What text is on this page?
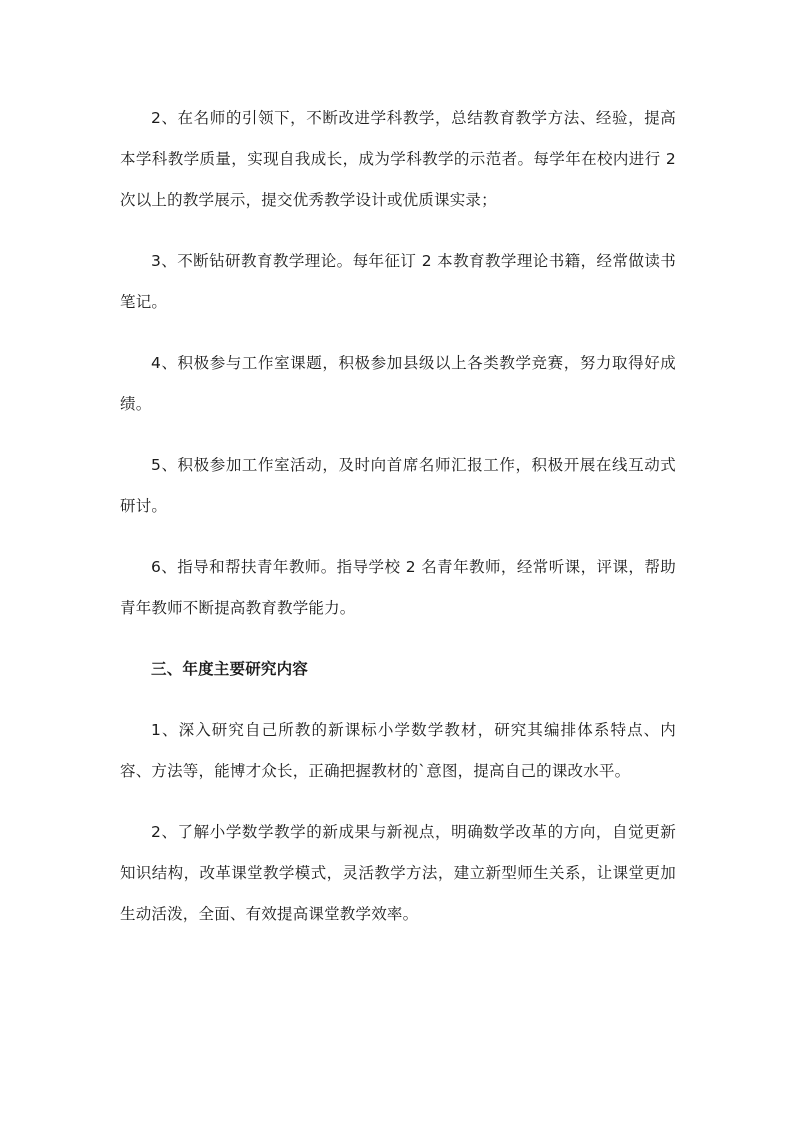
2、在名师的引领下，不断改进学科教学，总结教育教学方法、经验，提高本学科教学质量，实现自我成长，成为学科教学的示范者。每学年在校内进行 2 次以上的教学展示，提交优秀教学设计或优质课实录；

3、不断钻研教育教学理论。每年征订 2 本教育教学理论书籍，经常做读书笔记。

4、积极参与工作室课题，积极参加县级以上各类教学竞赛，努力取得好成绩。

5、积极参加工作室活动，及时向首席名师汇报工作，积极开展在线互动式研讨。

6、指导和帮扶青年教师。指导学校 2 名青年教师，经常听课，评课，帮助青年教师不断提高教育教学能力。

三、年度主要研究内容

1、深入研究自己所教的新课标小学数学教材，研究其编排体系特点、内容、方法等，能博才众长，正确把握教材的`意图，提高自己的课改水平。

2、了解小学数学教学的新成果与新视点，明确数学改革的方向，自觉更新知识结构，改革课堂教学模式，灵活教学方法，建立新型师生关系，让课堂更加生动活泼，全面、有效提高课堂教学效率。
